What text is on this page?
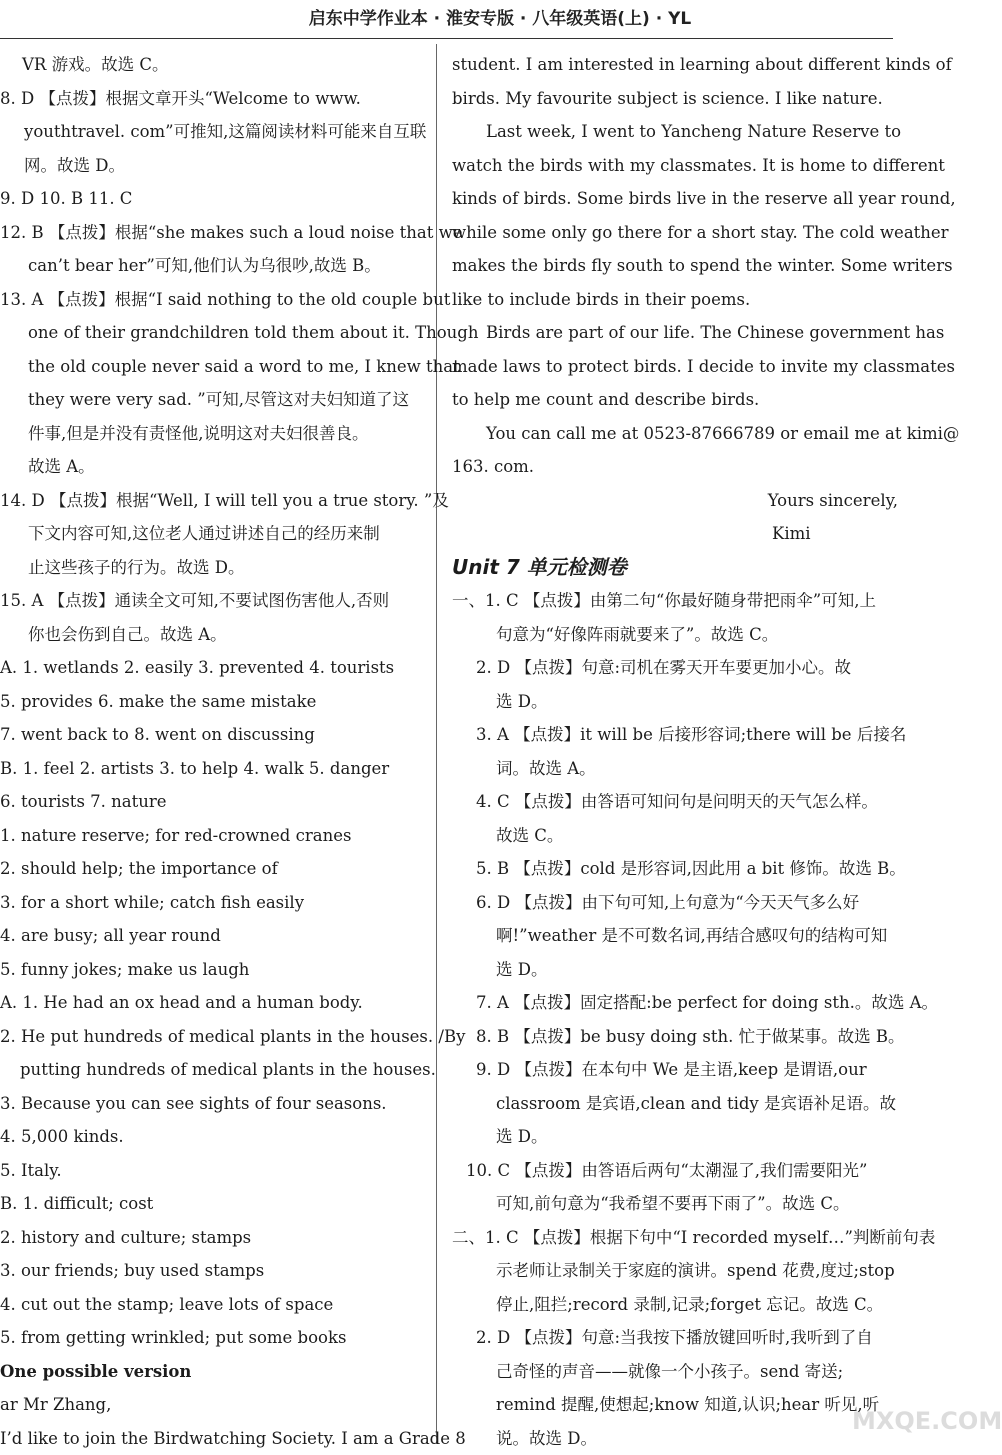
启东中学作业本 · 淮安专版 · 八年级英语(上) · YL
VR 游戏。故选 C。
8. D 【点拨】根据文章开头“Welcome to www.
youthtravel. com”可推知,这篇阅读材料可能来自互联
网。故选 D。
9. D 10. B 11. C
12. B 【点拨】根据“she makes such a loud noise that we
can’t bear her”可知,他们认为乌很吵,故选 B。
13. A 【点拨】根据“I said nothing to the old couple but
one of their grandchildren told them about it. Though
the old couple never said a word to me, I knew that
they were very sad. ”可知,尽管这对夫妇知道了这
件事,但是并没有责怪他,说明这对夫妇很善良。
故选 A。
14. D 【点拨】根据“Well, I will tell you a true story. ”及
下文内容可知,这位老人通过讲述自己的经历来制
止这些孩子的行为。故选 D。
15. A 【点拨】通读全文可知,不要试图伤害他人,否则
你也会伤到自己。故选 A。
A. 1. wetlands 2. easily 3. prevented 4. tourists
5. provides 6. make the same mistake
7. went back to 8. went on discussing
B. 1. feel 2. artists 3. to help 4. walk 5. danger
6. tourists 7. nature
1. nature reserve; for red-crowned cranes
2. should help; the importance of
3. for a short while; catch fish easily
4. are busy; all year round
5. funny jokes; make us laugh
A. 1. He had an ox head and a human body.
2. He put hundreds of medical plants in the houses. /By
putting hundreds of medical plants in the houses.
3. Because you can see sights of four seasons.
4. 5,000 kinds.
5. Italy.
B. 1. difficult; cost
2. history and culture; stamps
3. our friends; buy used stamps
4. cut out the stamp; leave lots of space
5. from getting wrinkled; put some books
One possible version
ar Mr Zhang,
I’d like to join the Birdwatching Society. I am a Grade 8
student. I am interested in learning about different kinds of
birds. My favourite subject is science. I like nature.
Last week, I went to Yancheng Nature Reserve to
watch the birds with my classmates. It is home to different
kinds of birds. Some birds live in the reserve all year round,
while some only go there for a short stay. The cold weather
makes the birds fly south to spend the winter. Some writers
like to include birds in their poems.
Birds are part of our life. The Chinese government has
made laws to protect birds. I decide to invite my classmates
to help me count and describe birds.
You can call me at 0523-87666789 or email me at kimi@
163. com.
Yours sincerely,
Kimi
Unit 7 单元检测卷
一、1. C 【点拨】由第二句“你最好随身带把雨伞”可知,上
句意为“好像阵雨就要来了”。故选 C。
2. D 【点拨】句意:司机在雾天开车要更加小心。故
选 D。
3. A 【点拨】it will be 后接形容词;there will be 后接名
词。故选 A。
4. C 【点拨】由答语可知问句是问明天的天气怎么样。
故选 C。
5. B 【点拨】cold 是形容词,因此用 a bit 修饰。故选 B。
6. D 【点拨】由下句可知,上句意为“今天天气多么好
啊!”weather 是不可数名词,再结合感叹句的结构可知
选 D。
7. A 【点拨】固定搭配:be perfect for doing sth.。故选 A。
8. B 【点拨】be busy doing sth. 忙于做某事。故选 B。
9. D 【点拨】在本句中 We 是主语,keep 是谓语,our
classroom 是宾语,clean and tidy 是宾语补足语。故
选 D。
10. C 【点拨】由答语后两句“太潮湿了,我们需要阳光”
可知,前句意为“我希望不要再下雨了”。故选 C。
二、1. C 【点拨】根据下句中“I recorded myself…”判断前句表
示老师让录制关于家庭的演讲。spend 花费,度过;stop
停止,阻拦;record 录制,记录;forget 忘记。故选 C。
2. D 【点拨】句意:当我按下播放键回听时,我听到了自
己奇怪的声音——就像一个小孩子。send 寄送;
remind 提醒,使想起;know 知道,认识;hear 听见,听
说。故选 D。
MXQE.COM
